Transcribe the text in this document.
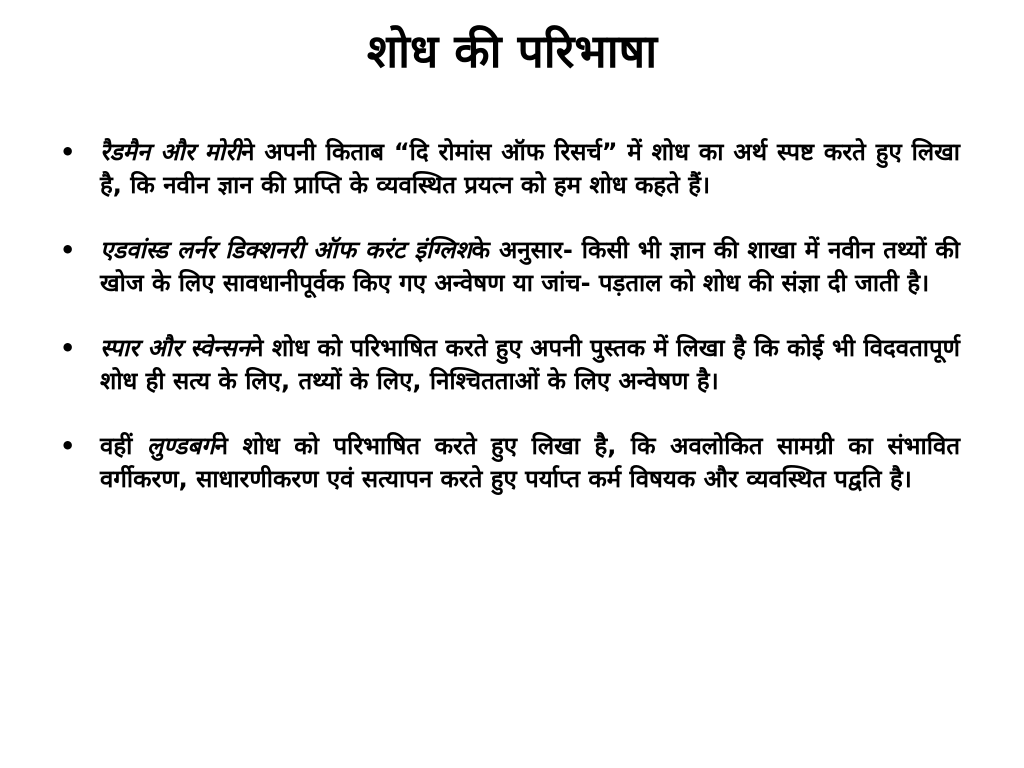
शोध की परिभाषा
• रैडमैन और मोरीने अपनी किताब “दि रोमांस ऑफ रिसर्च” में शोध का अर्थ स्पष्ट करते हुए लिखा है, कि नवीन ज्ञान की प्राप्ति के व्यवस्थित प्रयत्न को हम शोध कहते हैं।
• एडवांस्ड लर्नर डिक्शनरी ऑफ करंट इंग्लिशके अनुसार- किसी भी ज्ञान की शाखा में नवीन तथ्यों की खोज के लिए सावधानीपूर्वक किए गए अन्वेषण या जांच- पड़ताल को शोध की संज्ञा दी जाती है।
• स्पार और स्वेन्सनने शोध को परिभाषित करते हुए अपनी पुस्तक में लिखा है कि कोई भी विदवतापूर्ण शोध ही सत्य के लिए, तथ्यों के लिए, निश्चितताओं के लिए अन्वेषण है।
• वहीं लुण्डबर्गने शोध को परिभाषित करते हुए लिखा है, कि अवलोकित सामग्री का संभावित वर्गीकरण, साधारणीकरण एवं सत्यापन करते हुए पर्याप्त कर्म विषयक और व्यवस्थित पद्वति है।
